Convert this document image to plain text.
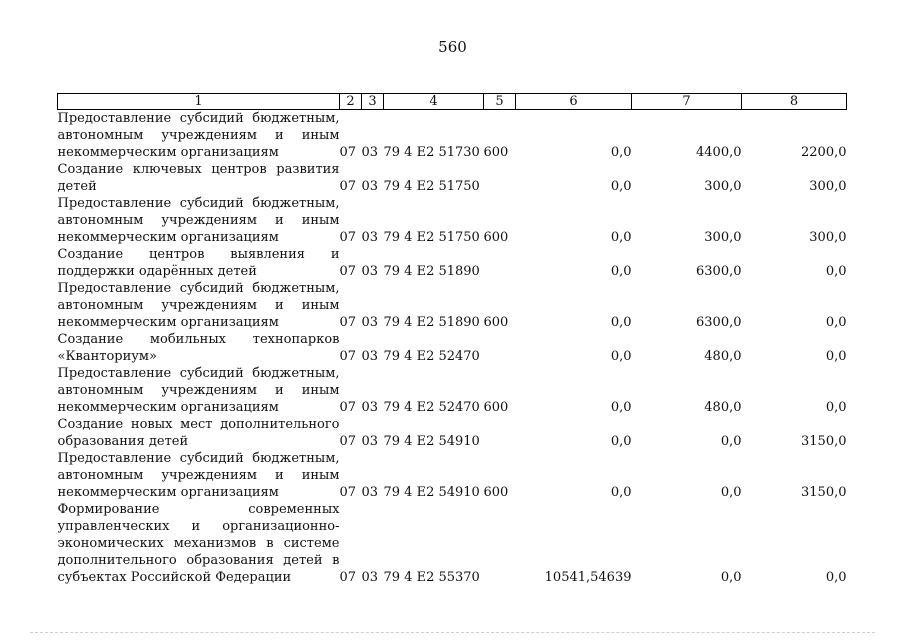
560
1	2	3	4	5	6	7	8
Предоставление субсидий бюджетным, автономным учреждениям и иным некоммерческим организациям	07	03	79 4 E2 51730	600	0,0	4400,0	2200,0
Создание ключевых центров развития детей	07	03	79 4 E2 51750		0,0	300,0	300,0
Предоставление субсидий бюджетным, автономным учреждениям и иным некоммерческим организациям	07	03	79 4 E2 51750	600	0,0	300,0	300,0
Создание центров выявления и поддержки одарённых детей	07	03	79 4 E2 51890		0,0	6300,0	0,0
Предоставление субсидий бюджетным, автономным учреждениям и иным некоммерческим организациям	07	03	79 4 E2 51890	600	0,0	6300,0	0,0
Создание мобильных технопарков «Кванториум»	07	03	79 4 E2 52470		0,0	480,0	0,0
Предоставление субсидий бюджетным, автономным учреждениям и иным некоммерческим организациям	07	03	79 4 E2 52470	600	0,0	480,0	0,0
Создание новых мест дополнительного образования детей	07	03	79 4 E2 54910		0,0	0,0	3150,0
Предоставление субсидий бюджетным, автономным учреждениям и иным некоммерческим организациям	07	03	79 4 E2 54910	600	0,0	0,0	3150,0
Формирование современных управленческих и организационно-экономических механизмов в системе дополнительного образования детей в субъектах Российской Федерации	07	03	79 4 E2 55370		10541,54639	0,0	0,0
